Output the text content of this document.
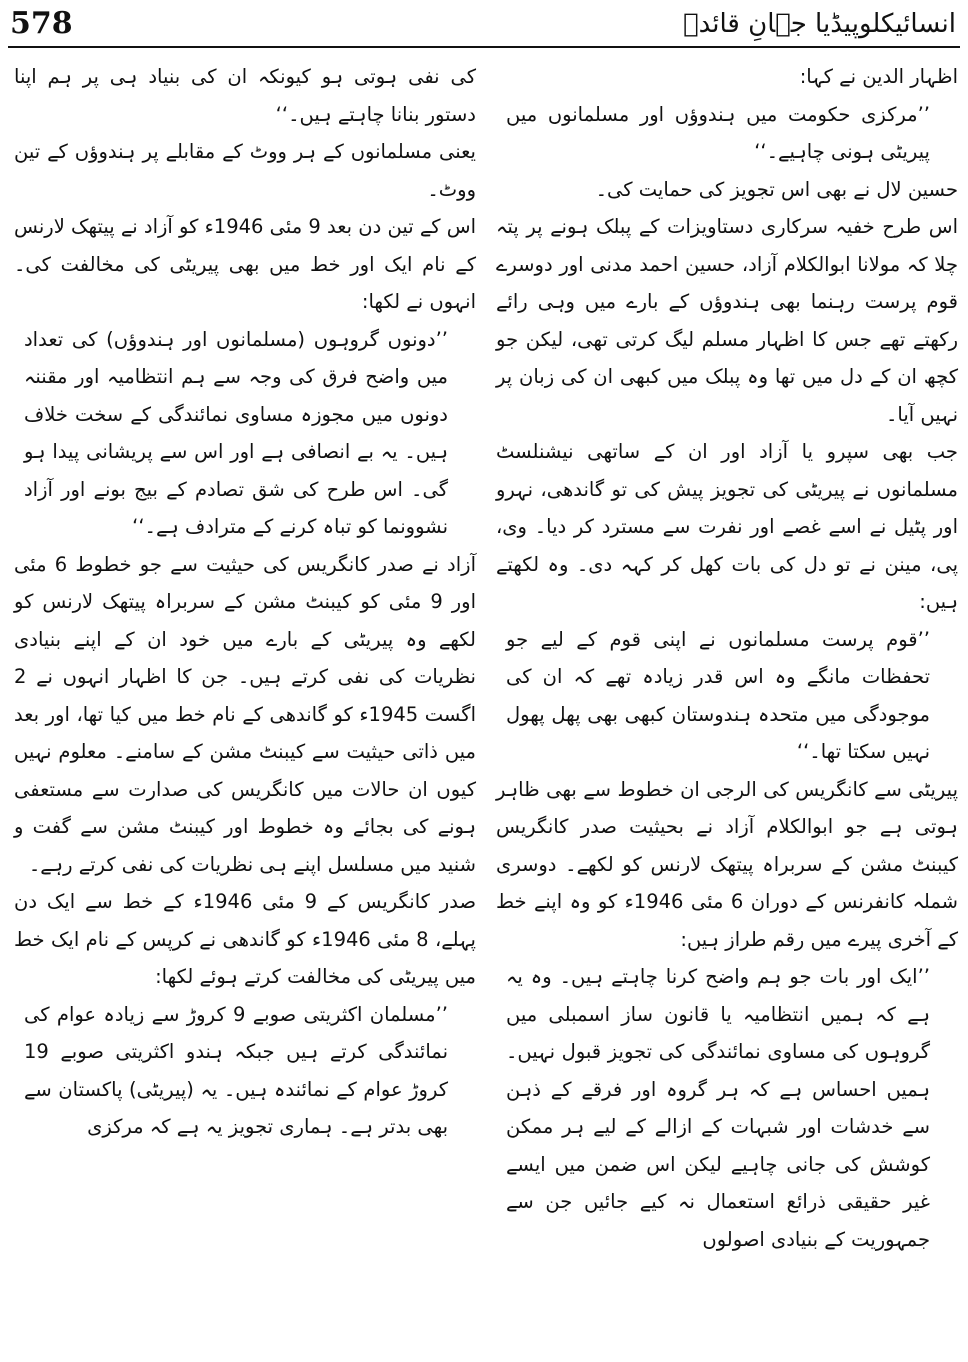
578	انسائیکلوپیڈیا جہانِ قائدؒ

اظہار الدین نے کہا:

’’مرکزی حکومت میں ہندوؤں اور مسلمانوں میں پیریٹی ہونی چاہیے۔‘‘

حسین لال نے بھی اس تجویز کی حمایت کی۔

اس طرح خفیہ سرکاری دستاویزات کے پبلک ہونے پر پتہ چلا کہ مولانا ابوالکلام آزاد، حسین احمد مدنی اور دوسرے قوم پرست رہنما بھی ہندوؤں کے بارے میں وہی رائے رکھتے تھے جس کا اظہار مسلم لیگ کرتی تھی، لیکن جو کچھ ان کے دل میں تھا وہ پبلک میں کبھی ان کی زبان پر نہیں آیا۔

جب بھی سپرو یا آزاد اور ان کے ساتھی نیشنلسٹ مسلمانوں نے پیریٹی کی تجویز پیش کی تو گاندھی، نہرو اور پٹیل نے اسے غصے اور نفرت سے مسترد کر دیا۔ وی، پی، مینن نے تو دل کی بات کھل کر کہہ دی۔ وہ لکھتے ہیں:

’’قوم پرست مسلمانوں نے اپنی قوم کے لیے جو تحفظات مانگے وہ اس قدر زیادہ تھے کہ ان کی موجودگی میں متحدہ ہندوستان کبھی بھی پھل پھول نہیں سکتا تھا۔‘‘

پیریٹی سے کانگریس کی الرجی ان خطوط سے بھی ظاہر ہوتی ہے جو ابوالکلام آزاد نے بحیثیت صدر کانگریس کیبنٹ مشن کے سربراہ پیتھک لارنس کو لکھے۔ دوسری شملہ کانفرنس کے دوران 6 مئی 1946ء کو وہ اپنے خط کے آخری پیرے میں رقم طراز ہیں:

’’ایک اور بات جو ہم واضح کرنا چاہتے ہیں۔ وہ یہ ہے کہ ہمیں انتظامیہ یا قانون ساز اسمبلی میں گروہوں کی مساوی نمائندگی کی تجویز قبول نہیں۔ ہمیں احساس ہے کہ ہر گروہ اور فرقے کے ذہن سے خدشات اور شبہات کے ازالے کے لیے ہر ممکن کوشش کی جانی چاہیے لیکن اس ضمن میں ایسے غیر حقیقی ذرائع استعمال نہ کیے جائیں جن سے جمہوریت کے بنیادی اصولوں

کی نفی ہوتی ہو کیونکہ ان کی بنیاد ہی پر ہم اپنا دستور بنانا چاہتے ہیں۔‘‘

یعنی مسلمانوں کے ہر ووٹ کے مقابلے پر ہندوؤں کے تین ووٹ۔

اس کے تین دن بعد 9 مئی 1946ء کو آزاد نے پیتھک لارنس کے نام ایک اور خط میں بھی پیریٹی کی مخالفت کی۔ انہوں نے لکھا:

’’دونوں گروہوں (مسلمانوں اور ہندوؤں) کی تعداد میں واضح فرق کی وجہ سے ہم انتظامیہ اور مقننہ دونوں میں مجوزہ مساوی نمائندگی کے سخت خلاف ہیں۔ یہ بے انصافی ہے اور اس سے پریشانی پیدا ہو گی۔ اس طرح کی شق تصادم کے بیج بونے اور آزاد نشوونما کو تباہ کرنے کے مترادف ہے۔‘‘

آزاد نے صدر کانگریس کی حیثیت سے جو خطوط 6 مئی اور 9 مئی کو کیبنٹ مشن کے سربراہ پیتھک لارنس کو لکھے وہ پیریٹی کے بارے میں خود ان کے اپنے بنیادی نظریات کی نفی کرتے ہیں۔ جن کا اظہار انہوں نے 2 اگست 1945ء کو گاندھی کے نام خط میں کیا تھا، اور بعد میں ذاتی حیثیت سے کیبنٹ مشن کے سامنے۔ معلوم نہیں کیوں ان حالات میں کانگریس کی صدارت سے مستعفی ہونے کی بجائے وہ خطوط اور کیبنٹ مشن سے گفت و شنید میں مسلسل اپنے ہی نظریات کی نفی کرتے رہے۔

صدر کانگریس کے 9 مئی 1946ء کے خط سے ایک دن پہلے، 8 مئی 1946ء کو گاندھی نے کرپس کے نام ایک خط میں پیریٹی کی مخالفت کرتے ہوئے لکھا:

’’مسلمان اکثریتی صوبے 9 کروڑ سے زیادہ عوام کی نمائندگی کرتے ہیں جبکہ ہندو اکثریتی صوبے 19 کروڑ عوام کے نمائندہ ہیں۔ یہ (پیریٹی) پاکستان سے بھی بدتر ہے۔ ہماری تجویز یہ ہے کہ مرکزی
